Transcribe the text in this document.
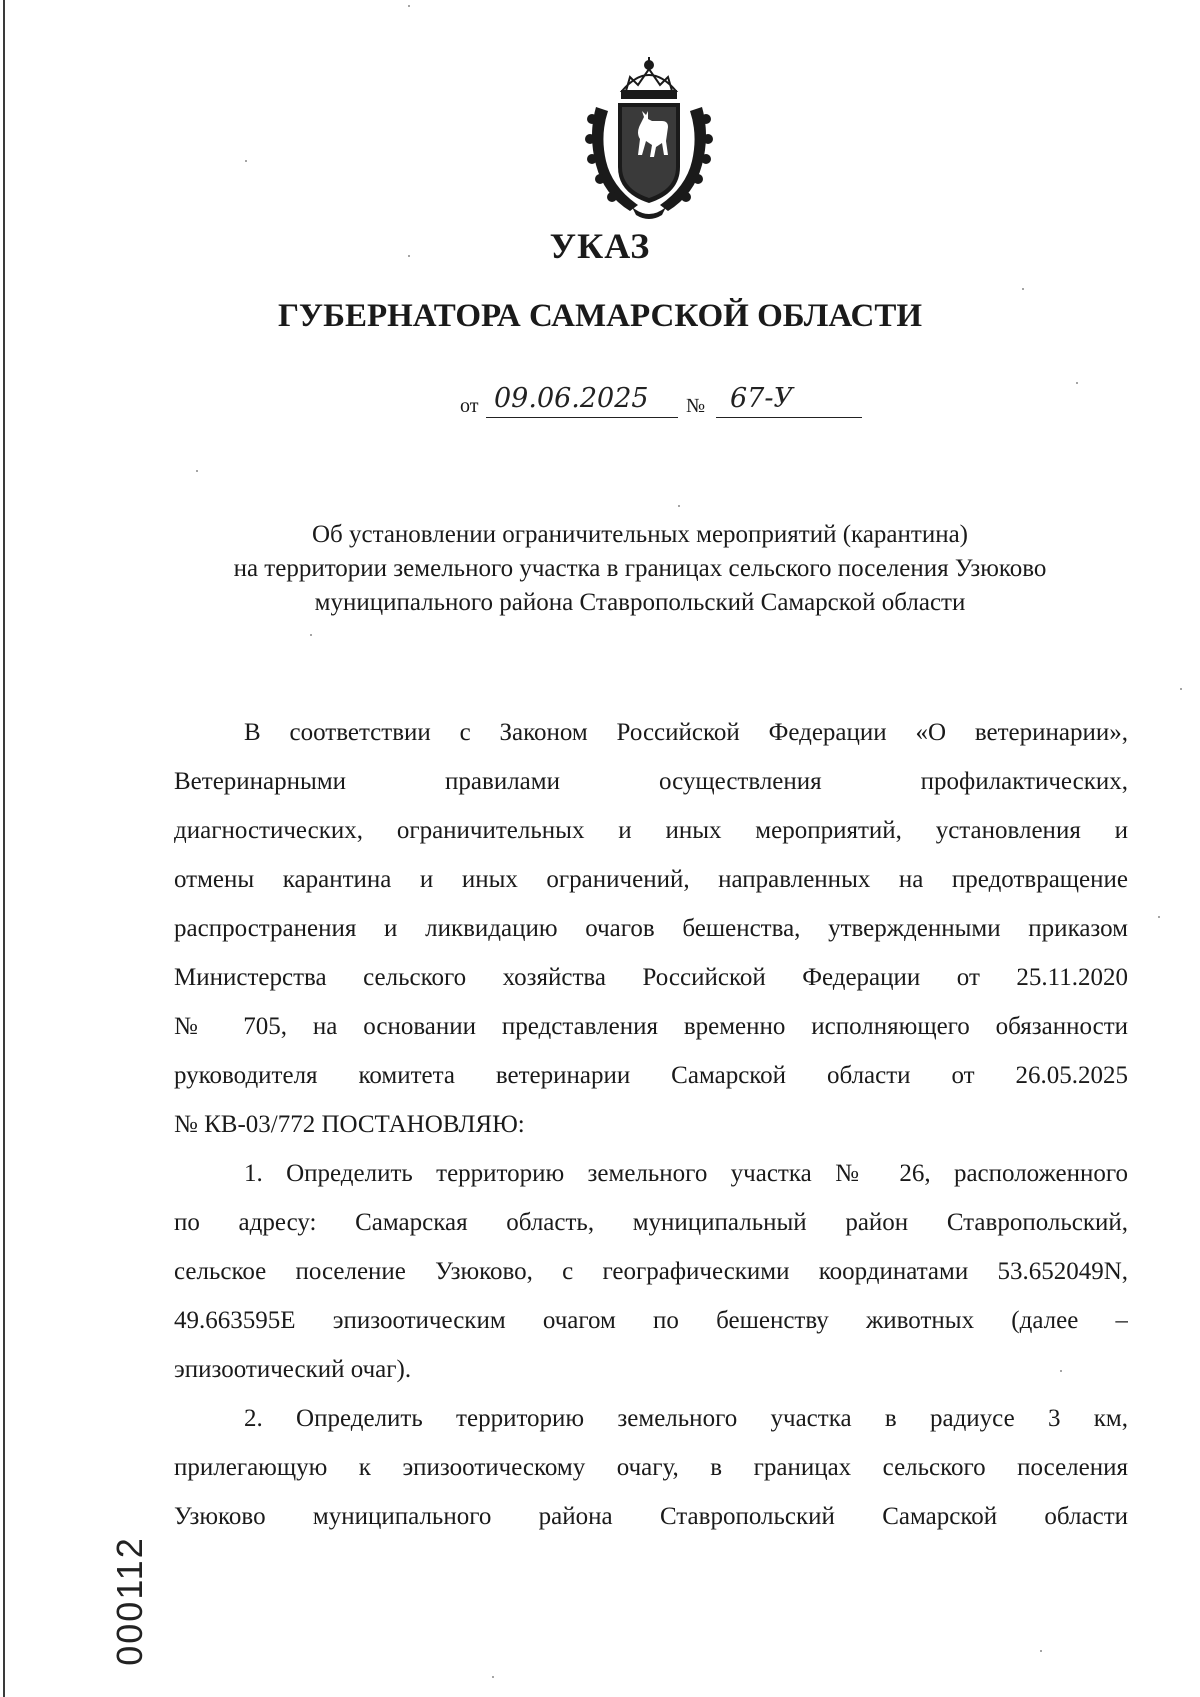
УКАЗ
ГУБЕРНАТОРА САМАРСКОЙ ОБЛАСТИ
от 09.06.2025	№ 67-У
Об установлении ограничительных мероприятий (карантина)
на территории земельного участка в границах сельского поселения Узюково
муниципального района Ставропольский Самарской области
В соответствии с Законом Российской Федерации «О ветеринарии»,
Ветеринарными правилами осуществления профилактических,
диагностических, ограничительных и иных мероприятий, установления и
отмены карантина и иных ограничений, направленных на предотвращение
распространения и ликвидацию очагов бешенства, утвержденными приказом
Министерства сельского хозяйства Российской Федерации от 25.11.2020
№ 705, на основании представления временно исполняющего обязанности
руководителя комитета ветеринарии Самарской области от 26.05.2025
№ КВ-03/772 ПОСТАНОВЛЯЮ:
1. Определить территорию земельного участка № 26, расположенного
по адресу: Самарская область, муниципальный район Ставропольский,
сельское поселение Узюково, с географическими координатами 53.652049N,
49.663595E эпизоотическим очагом по бешенству животных (далее –
эпизоотический очаг).
2. Определить территорию земельного участка в радиусе 3 км,
прилегающую к эпизоотическому очагу, в границах сельского поселения
Узюково муниципального района Ставропольский Самарской области
000112
